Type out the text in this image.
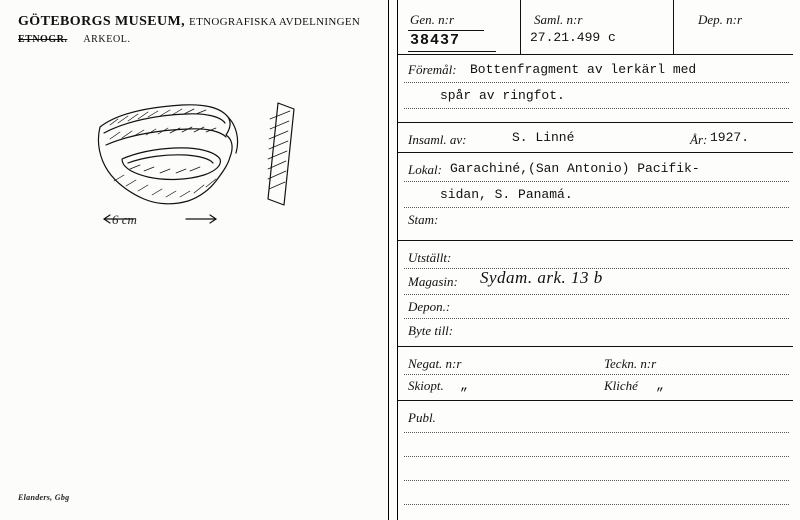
GÖTEBORGS MUSEUM, ETNOGRAFISKA AVDELNINGEN
ETNOGR. ARKEOL.
6 cm
Elanders, Gbg
Gen. n:r
38437
Saml. n:r
27.21.499 c
Dep. n:r
Föremål: Bottenfragment av lerkärl med
spår av ringfot.
Insaml. av:	S. Linné	År: 1927.
Lokal: Garachiné,(San Antonio) Pacifik-
sidan, S. Panamá.
Stam:
Utställt:
Magasin: Sydam. ark. 13 b
Depon.:
Byte till:
Negat. n:r	Teckn. n:r
Skiopt. „	Kliché „
Publ.
